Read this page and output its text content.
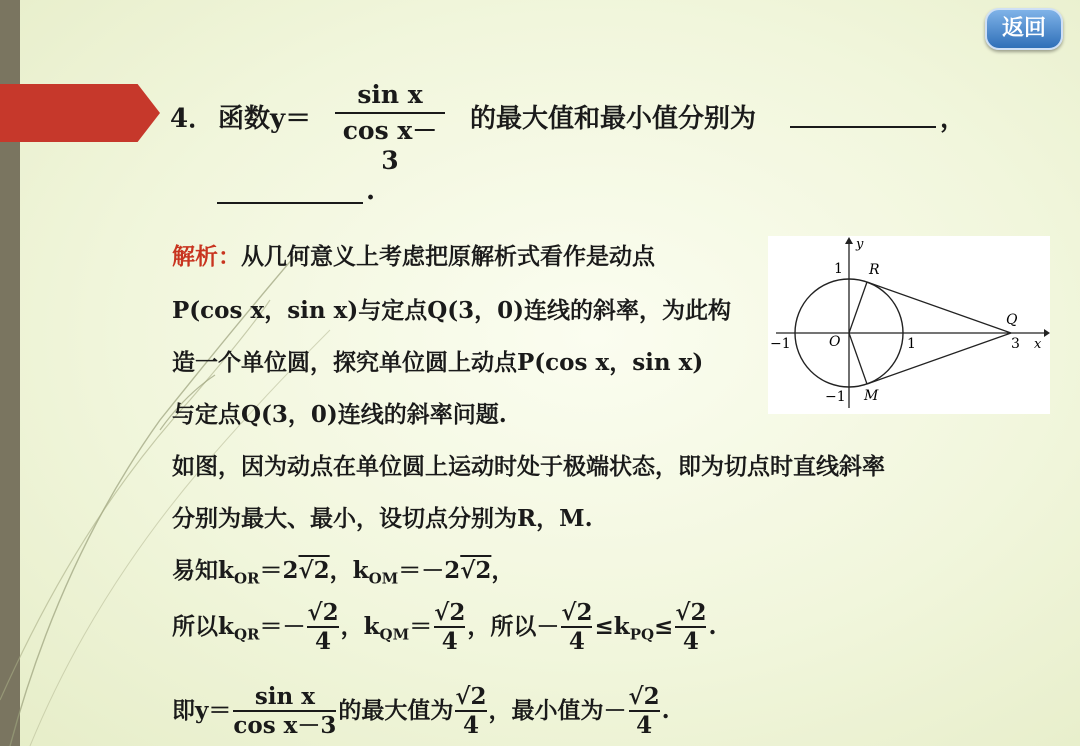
返回
4． 函数y＝
sin x
cos x－3
的最大值和最小值分别为	，
.
解析：从几何意义上考虑把原解析式看作是动点
P(cos x，sin x)与定点Q(3，0)连线的斜率，为此构
造一个单位圆，探究单位圆上动点P(cos x，sin x)
与定点Q(3，0)连线的斜率问题.
如图，因为动点在单位圆上运动时处于极端状态，即为切点时直线斜率
分别为最大、最小，设切点分别为R，M.
易知$k_{OR}=2√2$，$k_{OM}=-2√2$，
所以$k_{QR}=- \frac{√2}{4}$ ，$k_{QM}= \frac{√2}{4}$ ，所以－ $\frac{√2}{4} \le k_{PQ}\le \frac{√2}{4}$ .
即$y= \frac{\text{sin x}}{\text{cos x－3}}$ 的最大值为 $\frac{√2}{4}$ ，最小值为－ $\frac{√2}{4}$ .
y
x
O	1
1
−1
−1
3
R
M
Q
